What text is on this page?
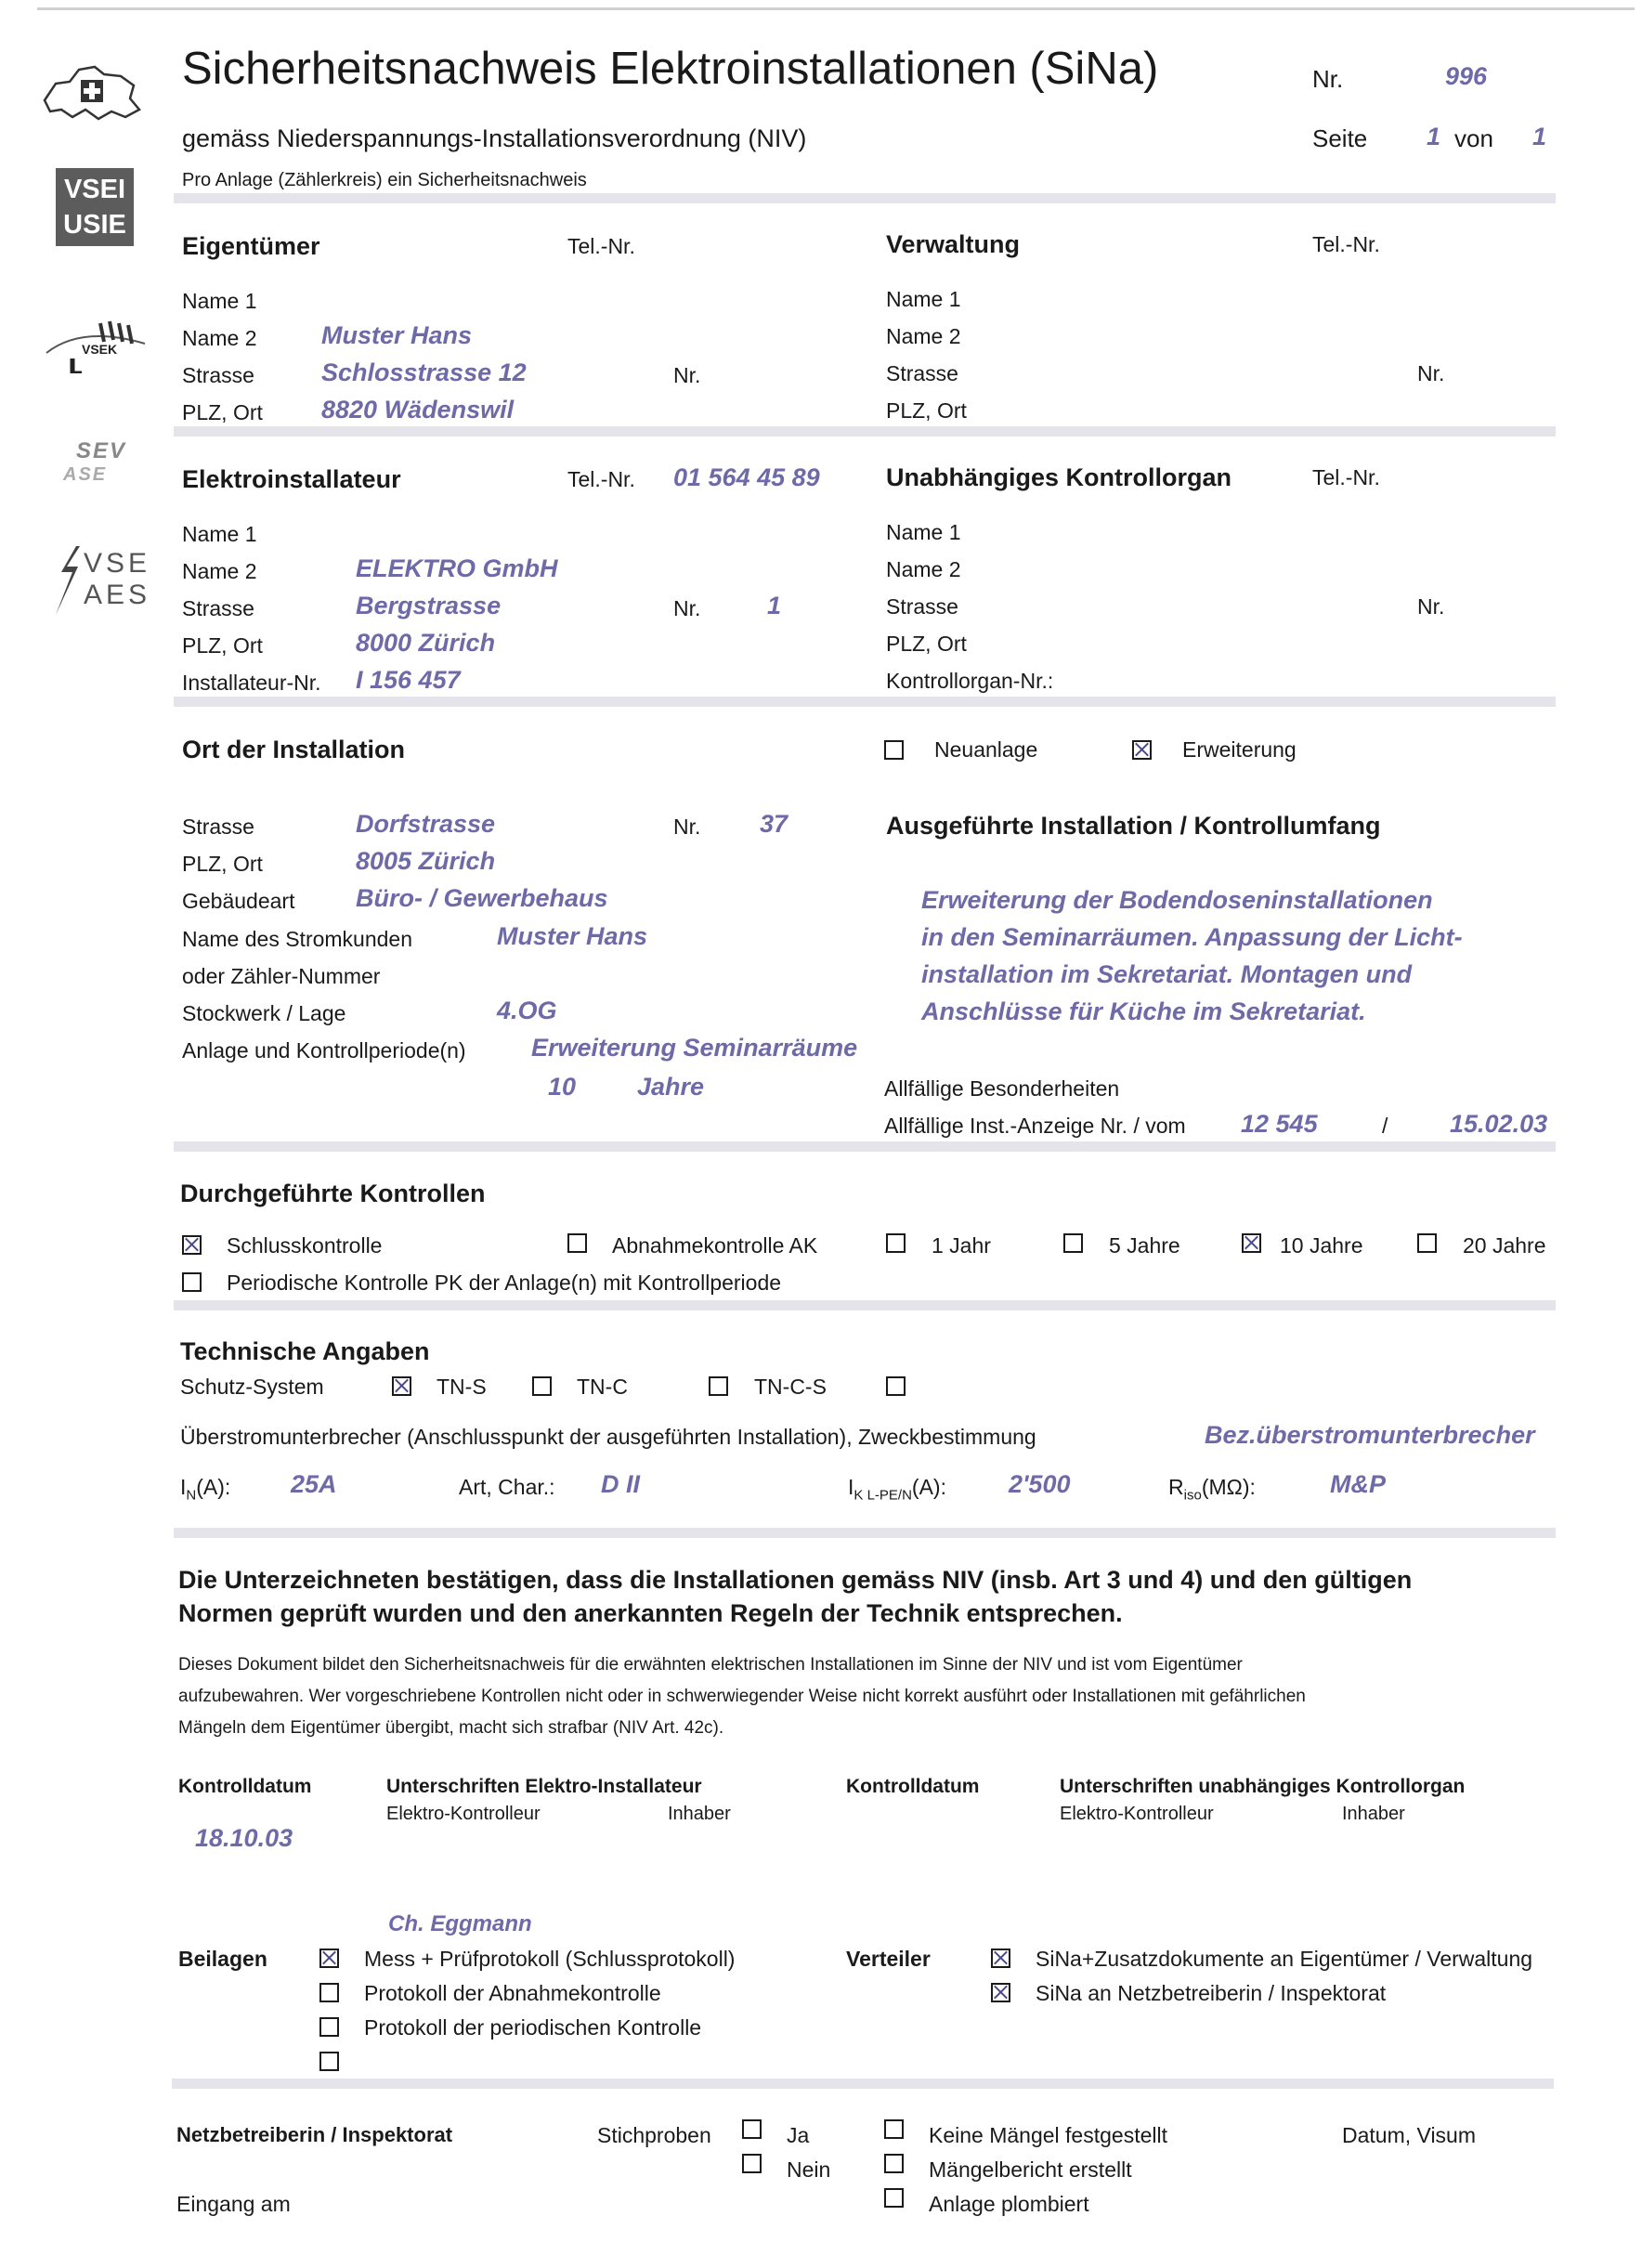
VSEI
USIE
VSEK
SEV
ASE
VSE
AES
Sicherheitsnachweis Elektroinstallationen (SiNa)	Nr.	996
gemäss Niederspannungs-Installationsverordnung (NIV)	Seite 1 von 1
Pro Anlage (Zählerkreis) ein Sicherheitsnachweis
Eigentümer	Tel.-Nr.
Name 1
Name 2	Muster Hans
Strasse	Schlosstrasse 12	Nr.
PLZ, Ort 8820 Wädenswil
Verwaltung	Tel.-Nr.
Name 1
Name 2
Strasse	Nr.
PLZ, Ort
Elektroinstallateur	Tel.-Nr. 01 564 45 89
Name 1
Name 2	ELEKTRO GmbH
Strasse	Bergstrasse	Nr.	1
PLZ, Ort	8000 Zürich
Installateur-Nr. I 156 457
Unabhängiges Kontrollorgan	Tel.-Nr.
Name 1
Name 2
Strasse	Nr.
PLZ, Ort
Kontrollorgan-Nr.:
Ort der Installation	Neuanlage	Erweiterung
Strasse	Dorfstrasse	Nr. 37
PLZ, Ort	8005 Zürich
Gebäudeart Büro- / Gewerbehaus
Name des Stromkunden	Muster Hans
oder Zähler-Nummer
Stockwerk / Lage	4.OG
Anlage und Kontrollperiode(n)	Erweiterung Seminarräume
10 Jahre
Ausgeführte Installation / Kontrollumfang
Erweiterung der Bodendoseninstallationen
in den Seminarräumen. Anpassung der Licht-
installation im Sekretariat. Montagen und
Anschlüsse für Küche im Sekretariat.
Allfällige Besonderheiten
Allfällige Inst.-Anzeige Nr. / vom 12 545	/ 15.02.03
Durchgeführte Kontrollen
Schlusskontrolle	Abnahmekontrolle AK	1 Jahr	5 Jahre	10 Jahre	20 Jahre
Periodische Kontrolle PK der Anlage(n) mit Kontrollperiode
Technische Angaben
Schutz-System	TN-S	TN-C	TN-C-S
Überstromunterbrecher (Anschlusspunkt der ausgeführten Installation), Zweckbestimmung	Bez.überstromunterbrecher
$I_N(A)$: 25A	Art, Char.: D II	$I_{K L-PE/N}(A)$: 2'500	$R_{iso}(M\Omega)$:	M&P
Die Unterzeichneten bestätigen, dass die Installationen gemäss NIV (insb. Art 3 und 4) und den gültigen
Normen geprüft wurden und den anerkannten Regeln der Technik entsprechen.
Dieses Dokument bildet den Sicherheitsnachweis für die erwähnten elektrischen Installationen im Sinne der NIV und ist vom Eigentümer
aufzubewahren. Wer vorgeschriebene Kontrollen nicht oder in schwerwiegender Weise nicht korrekt ausführt oder Installationen mit gefährlichen
Mängeln dem Eigentümer übergibt, macht sich strafbar (NIV Art. 42c).
Kontrolldatum
18.10.03
Unterschriften Elektro-Installateur
Elektro-Kontrolleur	Inhaber
Kontrolldatum	Unterschriften unabhängiges Kontrollorgan
Elektro-Kontrolleur	Inhaber
Ch. Eggmann
Beilagen	Mess + Prüfprotokoll (Schlussprotokoll)
Protokoll der Abnahmekontrolle
Protokoll der periodischen Kontrolle
Verteiler	SiNa+Zusatzdokumente an Eigentümer / Verwaltung
SiNa an Netzbetreiberin / Inspektorat
Netzbetreiberin / Inspektorat	Stichproben	Ja
Nein
Keine Mängel festgestellt
Mängelbericht erstellt
Anlage plombiert
Datum, Visum
Eingang am
